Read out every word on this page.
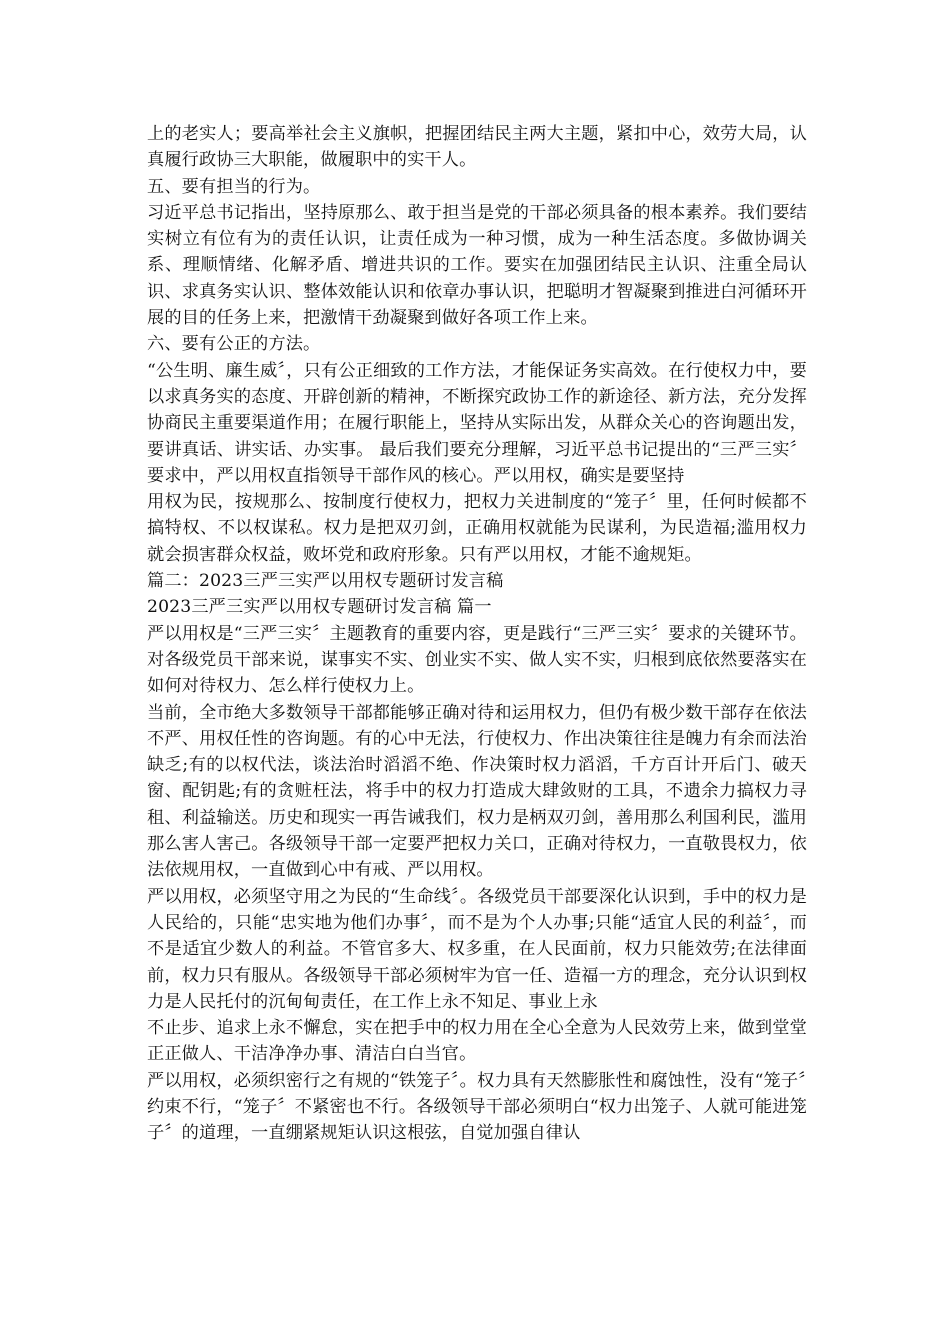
上的老实人；要高举社会主义旗帜，把握团结民主两大主题，紧扣中心，效劳大局，认真履行政协三大职能，做履职中的实干人。

五、要有担当的行为。

习近平总书记指出，坚持原那么、敢于担当是党的干部必须具备的根本素养。我们要结实树立有位有为的责任认识，让责任成为一种习惯，成为一种生活态度。多做协调关系、理顺情绪、化解矛盾、增进共识的工作。要实在加强团结民主认识、注重全局认识、求真务实认识、整体效能认识和依章办事认识，把聪明才智凝聚到推进白河循环开展的目的任务上来，把激情干劲凝聚到做好各项工作上来。

六、要有公正的方法。

“公生明、廉生威〞，只有公正细致的工作方法，才能保证务实高效。在行使权力中，要以求真务实的态度、开辟创新的精神，不断探究政协工作的新途径、新方法，充分发挥协商民主重要渠道作用；在履行职能上，坚持从实际出发，从群众关心的咨询题出发，要讲真话、讲实话、办实事。 最后我们要充分理解，习近平总书记提出的“三严三实〞要求中，严以用权直指领导干部作风的核心。严以用权，确实是要坚持

用权为民，按规那么、按制度行使权力，把权力关进制度的“笼子〞里，任何时候都不搞特权、不以权谋私。权力是把双刃剑，正确用权就能为民谋利，为民造福;滥用权力就会损害群众权益，败坏党和政府形象。只有严以用权，才能不逾规矩。

篇二：2023三严三实严以用权专题研讨发言稿

2023三严三实严以用权专题研讨发言稿 篇一

严以用权是“三严三实〞主题教育的重要内容，更是践行“三严三实〞要求的关键环节。对各级党员干部来说，谋事实不实、创业实不实、做人实不实，归根到底依然要落实在如何对待权力、怎么样行使权力上。

当前，全市绝大多数领导干部都能够正确对待和运用权力，但仍有极少数干部存在依法不严、用权任性的咨询题。有的心中无法，行使权力、作出决策往往是魄力有余而法治缺乏;有的以权代法，谈法治时滔滔不绝、作决策时权力滔滔，千方百计开后门、破天窗、配钥匙;有的贪赃枉法，将手中的权力打造成大肆敛财的工具，不遗余力搞权力寻租、利益输送。历史和现实一再告诫我们，权力是柄双刃剑，善用那么利国利民，滥用那么害人害己。各级领导干部一定要严把权力关口，正确对待权力，一直敬畏权力，依法依规用权，一直做到心中有戒、严以用权。

严以用权，必须坚守用之为民的“生命线〞。各级党员干部要深化认识到，手中的权力是人民给的，只能“忠实地为他们办事〞，而不是为个人办事;只能“适宜人民的利益〞，而不是适宜少数人的利益。不管官多大、权多重，在人民面前，权力只能效劳;在法律面前，权力只有服从。各级领导干部必须树牢为官一任、造福一方的理念，充分认识到权力是人民托付的沉甸甸责任，在工作上永不知足、事业上永

不止步、追求上永不懈怠，实在把手中的权力用在全心全意为人民效劳上来，做到堂堂正正做人、干洁净净办事、清洁白白当官。

严以用权，必须织密行之有规的“铁笼子〞。权力具有天然膨胀性和腐蚀性，没有“笼子〞约束不行，“笼子〞不紧密也不行。各级领导干部必须明白“权力出笼子、人就可能进笼子〞的道理，一直绷紧规矩认识这根弦，自觉加强自律认
